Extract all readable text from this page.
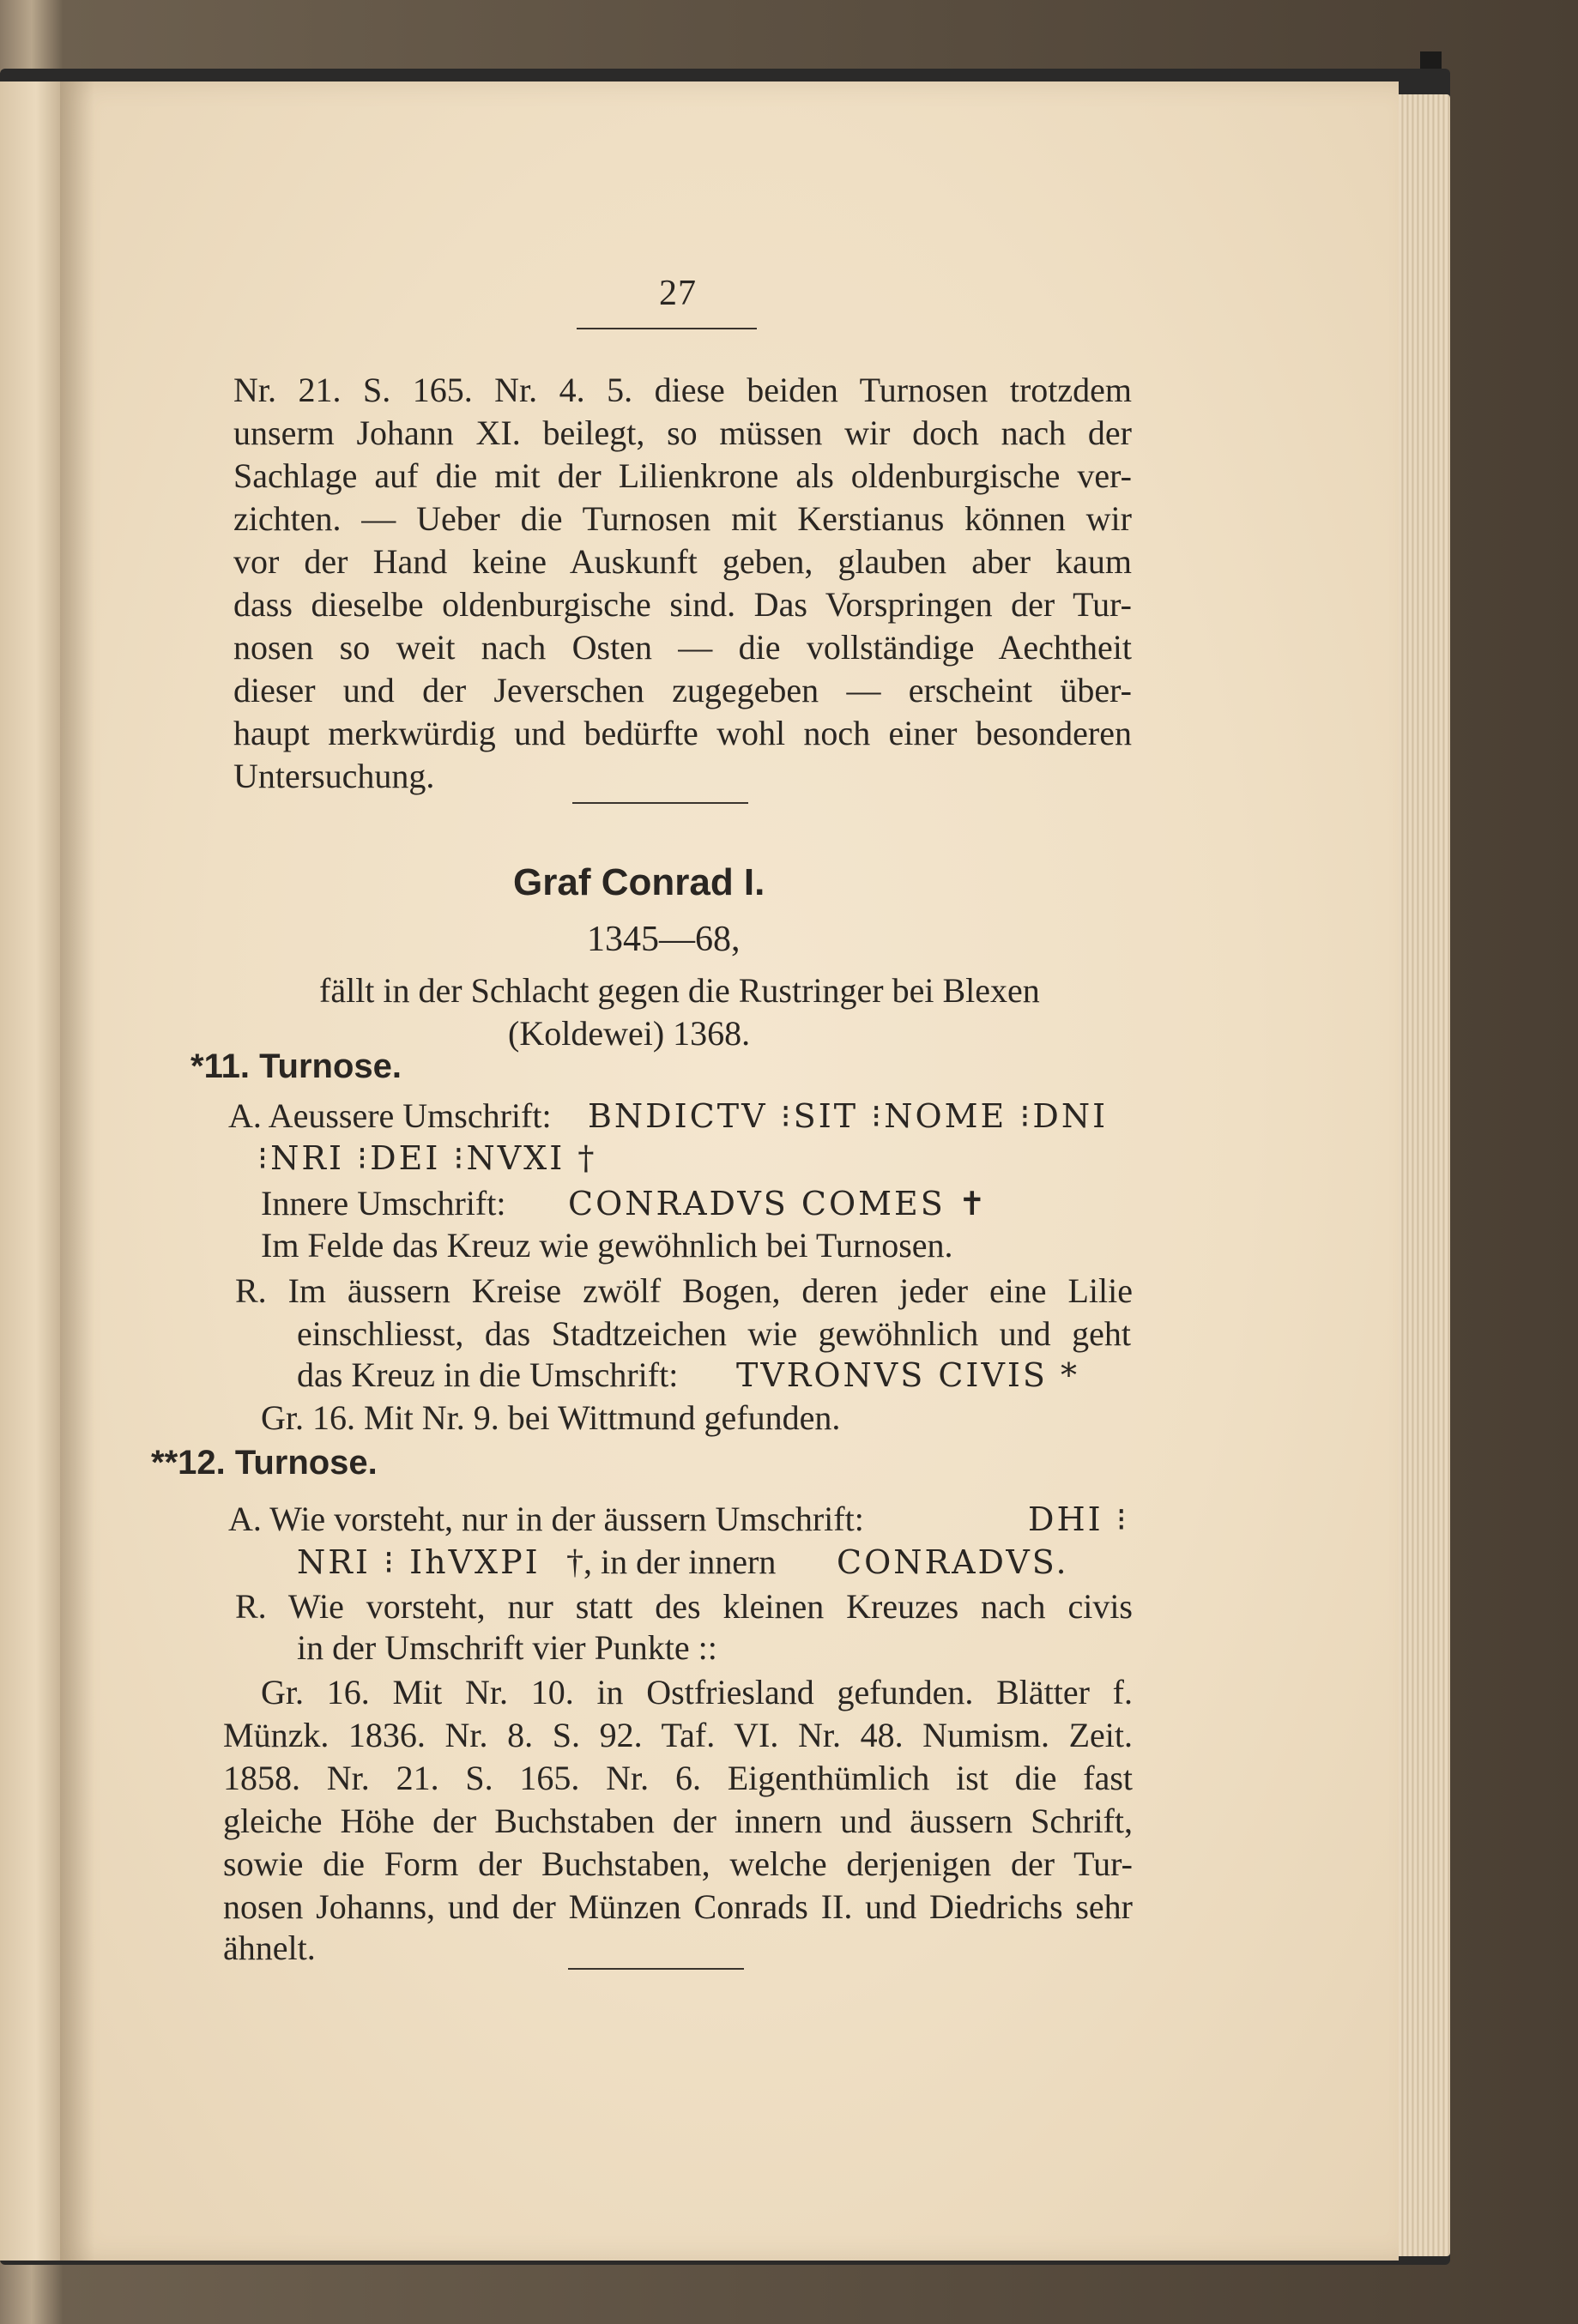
27
Nr. 21. S. 165. Nr. 4. 5. diese beiden Turnosen trotzdem
unserm Johann XI. beilegt, so müssen wir doch nach der
Sachlage auf die mit der Lilienkrone als oldenburgische ver-
zichten. — Ueber die Turnosen mit Kerstianus können wir
vor der Hand keine Auskunft geben, glauben aber kaum
dass dieselbe oldenburgische sind. Das Vorspringen der Tur-
nosen so weit nach Osten — die vollständige Aechtheit
dieser und der Jeverschen zugegeben — erscheint über-
haupt merkwürdig und bedürfte wohl noch einer besonderen
Untersuchung.
Graf Conrad I.
1345—68,
fällt in der Schlacht gegen die Rustringer bei Blexen
(Koldewei) 1368.
*11. Turnose.
A. Aeussere Umschrift: BNDICTV ⁝SIT ⁝NOME ⁝DNI
⁝NRI ⁝DEI ⁝NVXI †
Innere Umschrift: CONRADVS COMES ✝
Im Felde das Kreuz wie gewöhnlich bei Turnosen.
R. Im äussern Kreise zwölf Bogen, deren jeder eine Lilie
einschliesst, das Stadtzeichen wie gewöhnlich und geht
das Kreuz in die Umschrift: TVRONVS CIVIS *
Gr. 16. Mit Nr. 9. bei Wittmund gefunden.
**12. Turnose.
A. Wie vorsteht, nur in der äussern Umschrift:	DHI ⁝
NRI ⁝ IhVXPI †, in der innern CONRADVS.
R. Wie vorsteht, nur statt des kleinen Kreuzes nach civis
in der Umschrift vier Punkte ::
Gr. 16. Mit Nr. 10. in Ostfriesland gefunden. Blätter f.
Münzk. 1836. Nr. 8. S. 92. Taf. VI. Nr. 48. Numism. Zeit.
1858. Nr. 21. S. 165. Nr. 6. Eigenthümlich ist die fast
gleiche Höhe der Buchstaben der innern und äussern Schrift,
sowie die Form der Buchstaben, welche derjenigen der Tur-
nosen Johanns, und der Münzen Conrads II. und Diedrichs sehr
ähnelt.
